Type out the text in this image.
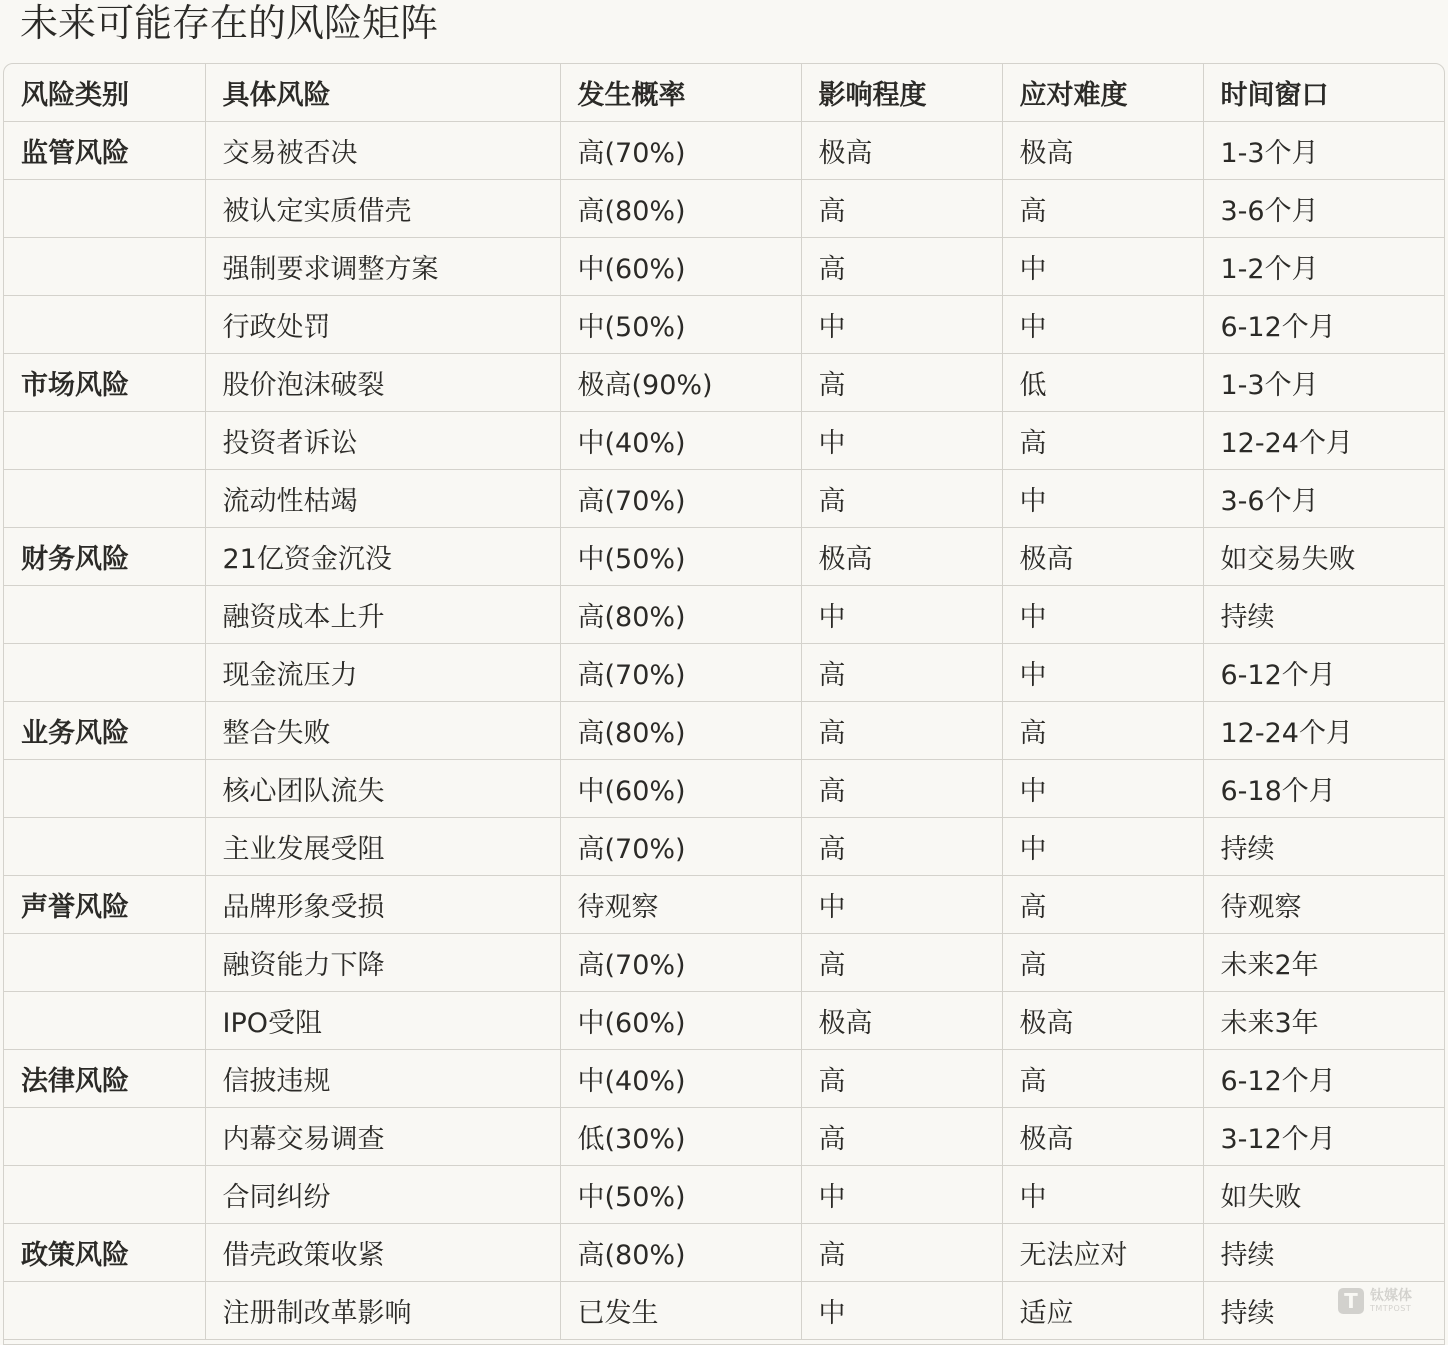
未来可能存在的风险矩阵
风险类别	具体风险	发生概率	影响程度	应对难度	时间窗口
监管风险	交易被否决	高(70%)	极高	极高	1-3个月
	被认定实质借壳	高(80%)	高	高	3-6个月
	强制要求调整方案	中(60%)	高	中	1-2个月
	行政处罚	中(50%)	中	中	6-12个月
市场风险	股价泡沫破裂	极高(90%)	高	低	1-3个月
	投资者诉讼	中(40%)	中	高	12-24个月
	流动性枯竭	高(70%)	高	中	3-6个月
财务风险	21亿资金沉没	中(50%)	极高	极高	如交易失败
	融资成本上升	高(80%)	中	中	持续
	现金流压力	高(70%)	高	中	6-12个月
业务风险	整合失败	高(80%)	高	高	12-24个月
	核心团队流失	中(60%)	高	中	6-18个月
	主业发展受阻	高(70%)	高	中	持续
声誉风险	品牌形象受损	待观察	中	高	待观察
	融资能力下降	高(70%)	高	高	未来2年
	IPO受阻	中(60%)	极高	极高	未来3年
法律风险	信披违规	中(40%)	高	高	6-12个月
	内幕交易调查	低(30%)	高	极高	3-12个月
	合同纠纷	中(50%)	中	中	如失败
政策风险	借壳政策收紧	高(80%)	高	无法应对	持续
	注册制改革影响	已发生	中	适应	持续	T 钛媒体
TMTPOST
